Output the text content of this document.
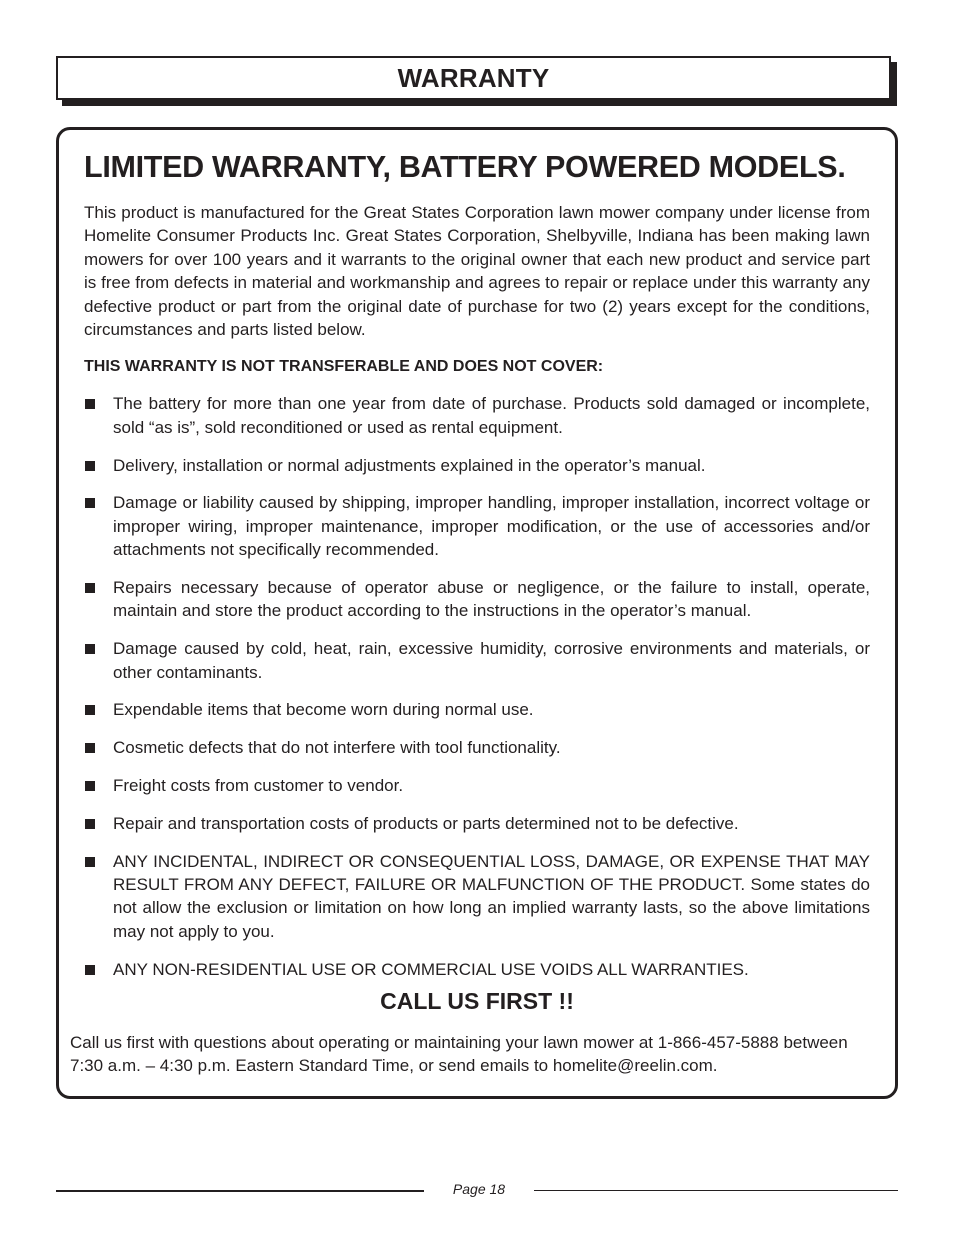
WARRANTY
LIMITED WARRANTY, BATTERY POWERED MODELS.

This product is manufactured for the Great States Corporation lawn mower company under license from Homelite Consumer Products Inc. Great States Corporation, Shelbyville, Indiana has been making lawn mowers for over 100 years and it warrants to the original owner that each new product and service part is free from defects in material and workmanship and agrees to repair or replace under this warranty any defective product or part from the original date of purchase for two (2) years except for the conditions, circumstances and parts listed below.

THIS WARRANTY IS NOT TRANSFERABLE AND DOES NOT COVER:
The battery for more than one year from date of purchase. Products sold damaged or incomplete, sold “as is”, sold reconditioned or used as rental equipment.
Delivery, installation or normal adjustments explained in the operator’s manual.
Damage or liability caused by shipping, improper handling, improper installation, incorrect voltage or improper wiring, improper maintenance, improper modification, or the use of accessories and/or attachments not specifically recommended.
Repairs necessary because of operator abuse or negligence, or the failure to install, operate, maintain and store the product according to the instructions in the operator’s manual.
Damage caused by cold, heat, rain, excessive humidity, corrosive environments and materials, or other contaminants.
Expendable items that become worn during normal use.
Cosmetic defects that do not interfere with tool functionality.
Freight costs from customer to vendor.
Repair and transportation costs of products or parts determined not to be defective.
ANY INCIDENTAL, INDIRECT OR CONSEQUENTIAL LOSS, DAMAGE, OR EXPENSE THAT MAY RESULT FROM ANY DEFECT, FAILURE OR MALFUNCTION OF THE PRODUCT. Some states do not allow the exclusion or limitation on how long an implied warranty lasts, so the above limitations may not apply to you.
ANY NON-RESIDENTIAL USE OR COMMERCIAL USE VOIDS ALL WARRANTIES.
CALL US FIRST !!

Call us first with questions about operating or maintaining your lawn mower at 1-866-457-5888 between 7:30 a.m. – 4:30 p.m. Eastern Standard Time, or send emails to homelite@reelin.com.

Page 18
